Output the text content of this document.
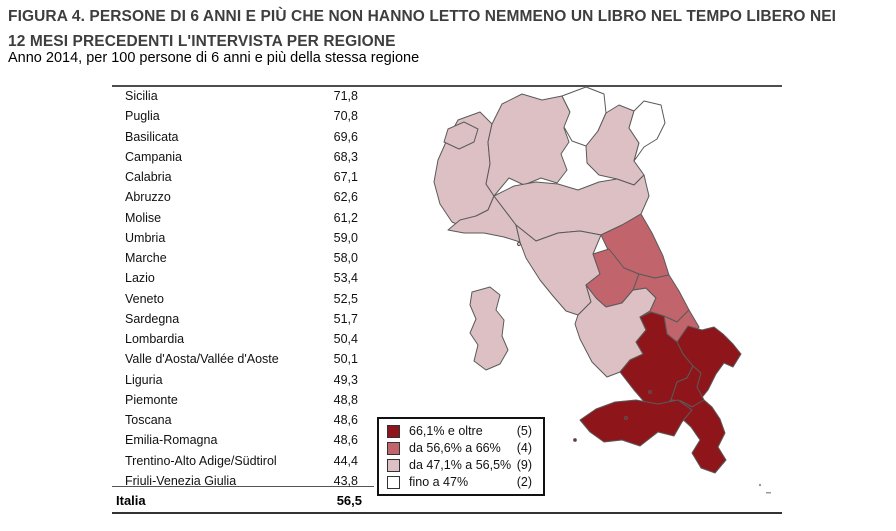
FIGURA 4. PERSONE DI 6 ANNI E PIÙ CHE NON HANNO LETTO NEMMENO UN LIBRO NEL TEMPO LIBERO NEI
12 MESI PRECEDENTI L'INTERVISTA PER REGIONE
Anno 2014, per 100 persone di 6 anni e più della stessa regione
Sicilia	71,8
Puglia	70,8
Basilicata	69,6
Campania	68,3
Calabria	67,1
Abruzzo	62,6
Molise	61,2
Umbria	59,0
Marche	58,0
Lazio	53,4
Veneto	52,5
Sardegna	51,7
Lombardia	50,4
Valle d'Aosta/Vallée d'Aoste	50,1
Liguria	49,3
Piemonte	48,8
Toscana	48,6
Emilia-Romagna	48,6
Trentino-Alto Adige/Südtirol	44,4
Friuli-Venezia Giulia	43,8
Italia	56,5
66,1% e oltre	(5)
da 56,6% a 66% (4)
da 47,1% a 56,5% (9)
fino a 47%	(2)
